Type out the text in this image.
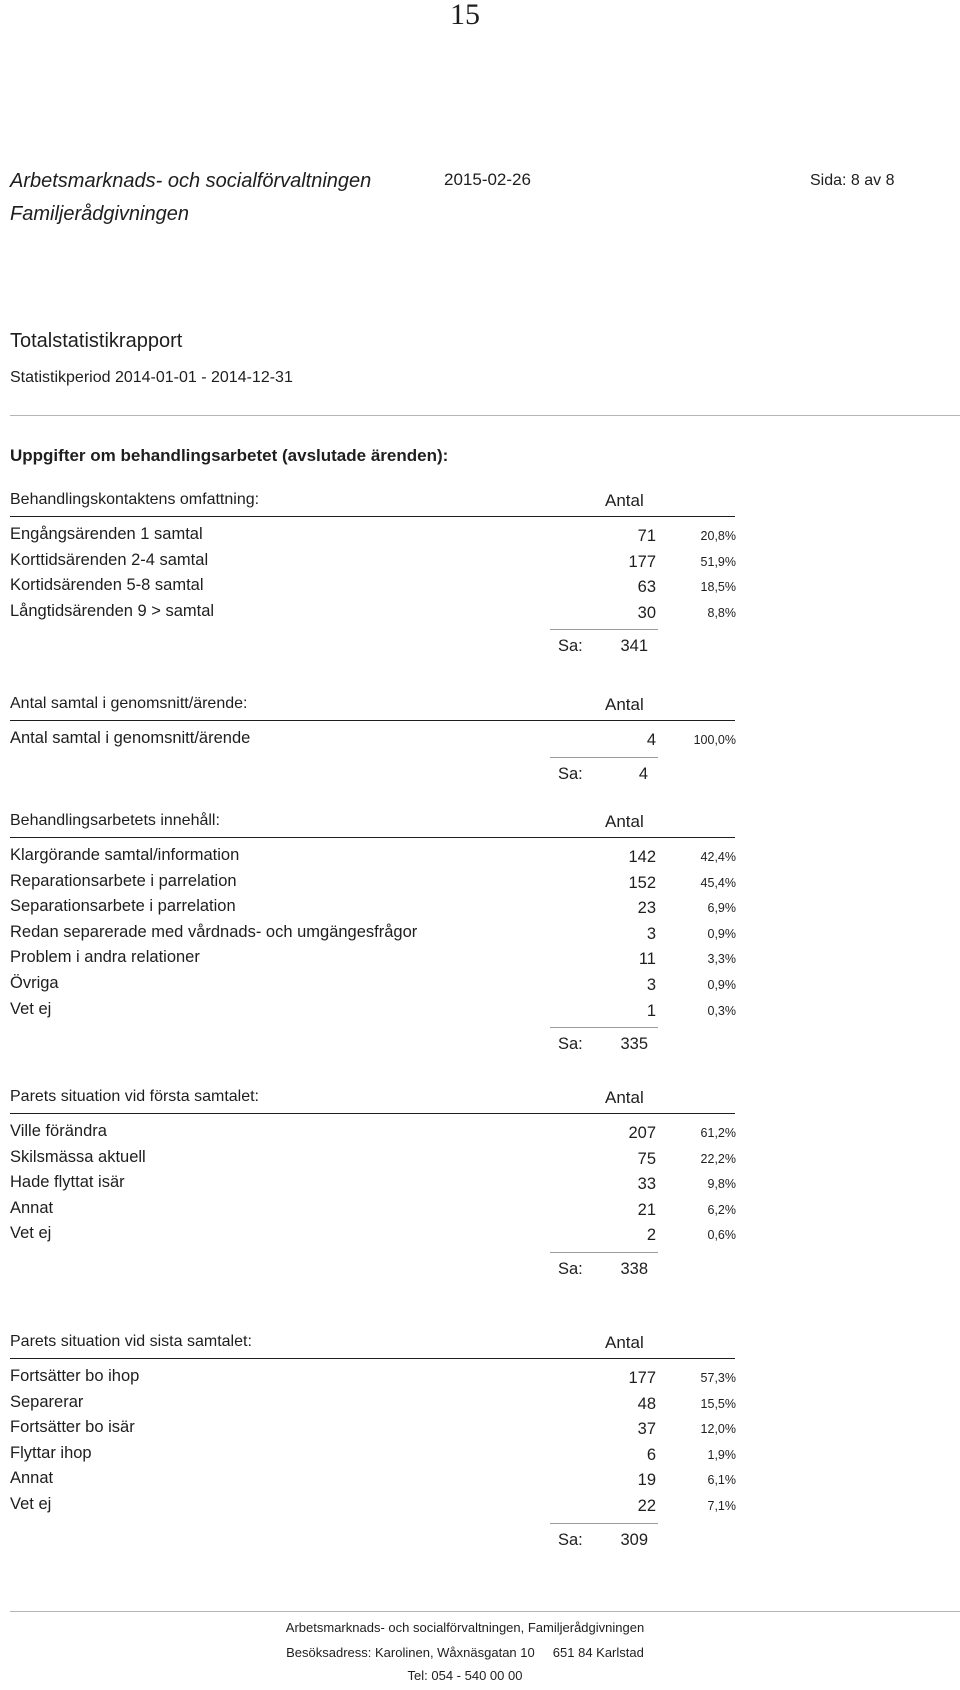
15
Arbetsmarknads- och socialförvaltningen
Familjerådgivningen
2015-02-26	Sida: 8 av 8
Totalstatistikrapport
Statistikperiod 2014-01-01 - 2014-12-31
Uppgifter om behandlingsarbetet (avslutade ärenden):
Behandlingskontaktens omfattning:	Antal
Engångsärenden 1 samtal	71	20,8%
Korttidsärenden 2-4 samtal	177	51,9%
Kortidsärenden 5-8 samtal	63	18,5%
Långtidsärenden 9 > samtal	30	8,8%
Sa:	341
Antal samtal i genomsnitt/ärende:	Antal
Antal samtal i genomsnitt/ärende	4	100,0%
Sa:	4
Behandlingsarbetets innehåll:	Antal
Klargörande samtal/information	142	42,4%
Reparationsarbete i parrelation	152	45,4%
Separationsarbete i parrelation	23	6,9%
Redan separerade med vårdnads- och umgängesfrågor	3	0,9%
Problem i andra relationer	11	3,3%
Övriga	3	0,9%
Vet ej	1	0,3%
Sa:	335
Parets situation vid första samtalet:	Antal
Ville förändra	207	61,2%
Skilsmässa aktuell	75	22,2%
Hade flyttat isär	33	9,8%
Annat	21	6,2%
Vet ej	2	0,6%
Sa:	338
Parets situation vid sista samtalet:	Antal
Fortsätter bo ihop	177	57,3%
Separerar	48	15,5%
Fortsätter bo isär	37	12,0%
Flyttar ihop	6	1,9%
Annat	19	6,1%
Vet ej	22	7,1%
Sa:	309
Arbetsmarknads- och socialförvaltningen, Familjerådgivningen
Besöksadress: Karolinen, Wåxnäsgatan 10     651 84 Karlstad
Tel: 054 - 540 00 00
